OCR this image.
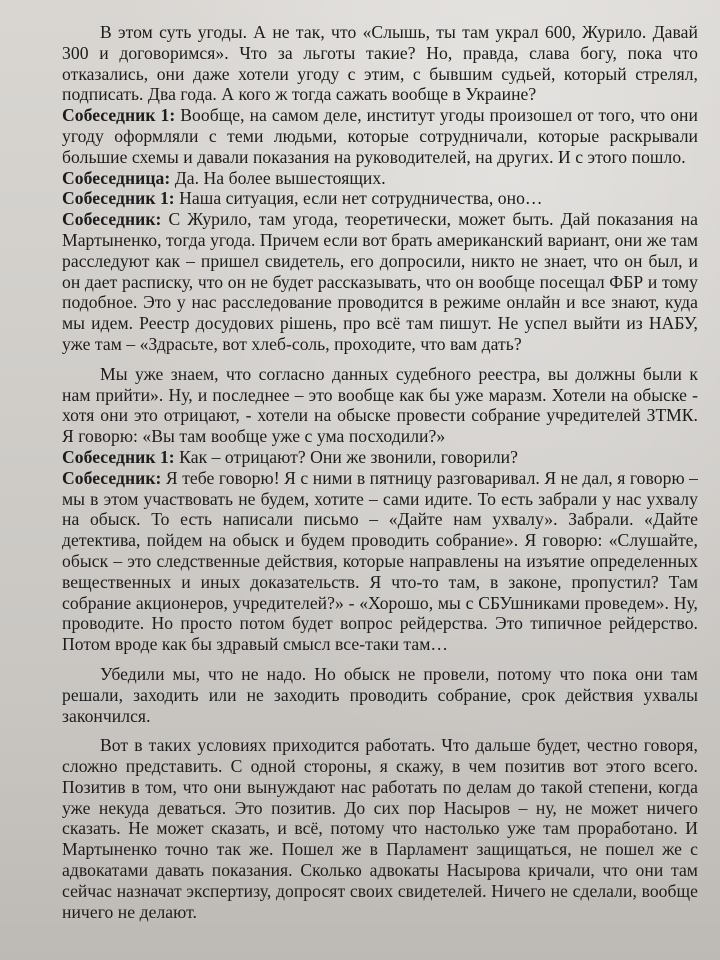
В этом суть угоды. А не так, что «Слышь, ты там украл 600, Журило. Давай 300 и договоримся». Что за льготы такие? Но, правда, слава богу, пока что отказались, они даже хотели угоду с этим, с бывшим судьей, который стрелял, подписать. Два года. А кого ж тогда сажать вообще в Украине?

Собеседник 1: Вообще, на самом деле, институт угоды произошел от того, что они угоду оформляли с теми людьми, которые сотрудничали, которые раскрывали большие схемы и давали показания на руководителей, на других. И с этого пошло.

Собеседница: Да. На более вышестоящих.

Собеседник 1: Наша ситуация, если нет сотрудничества, оно…

Собеседник: С Журило, там угода, теоретически, может быть. Дай показания на Мартыненко, тогда угода. Причем если вот брать американский вариант, они же там расследуют как – пришел свидетель, его допросили, никто не знает, что он был, и он дает расписку, что он не будет рассказывать, что он вообще посещал ФБР и тому подобное. Это у нас расследование проводится в режиме онлайн и все знают, куда мы идем. Реестр досудових рішень, про всё там пишут. Не успел выйти из НАБУ, уже там – «Здрасьте, вот хлеб-соль, проходите, что вам дать?

Мы уже знаем, что согласно данных судебного реестра, вы должны были к нам прийти». Ну, и последнее – это вообще как бы уже маразм. Хотели на обыске - хотя они это отрицают, - хотели на обыске провести собрание учредителей ЗТМК. Я говорю: «Вы там вообще уже с ума посходили?»

Собеседник 1: Как – отрицают? Они же звонили, говорили?

Собеседник: Я тебе говорю! Я с ними в пятницу разговаривал. Я не дал, я говорю – мы в этом участвовать не будем, хотите – сами идите. То есть забрали у нас ухвалу на обыск. То есть написали письмо – «Дайте нам ухвалу». Забрали. «Дайте детектива, пойдем на обыск и будем проводить собрание». Я говорю: «Слушайте, обыск – это следственные действия, которые направлены на изъятие определенных вещественных и иных доказательств. Я что-то там, в законе, пропустил? Там собрание акционеров, учредителей?» - «Хорошо, мы с СБУшниками проведем». Ну, проводите. Но просто потом будет вопрос рейдерства. Это типичное рейдерство. Потом вроде как бы здравый смысл все-таки там…

Убедили мы, что не надо. Но обыск не провели, потому что пока они там решали, заходить или не заходить проводить собрание, срок действия ухвалы закончился.

Вот в таких условиях приходится работать. Что дальше будет, честно говоря, сложно представить. С одной стороны, я скажу, в чем позитив вот этого всего. Позитив в том, что они вынуждают нас работать по делам до такой степени, когда уже некуда деваться. Это позитив. До сих пор Насыров – ну, не может ничего сказать. Не может сказать, и всё, потому что настолько уже там проработано. И Мартыненко точно так же. Пошел же в Парламент защищаться, не пошел же с адвокатами давать показания. Сколько адвокаты Насырова кричали, что они там сейчас назначат экспертизу, допросят своих свидетелей. Ничего не сделали, вообще ничего не делают.
